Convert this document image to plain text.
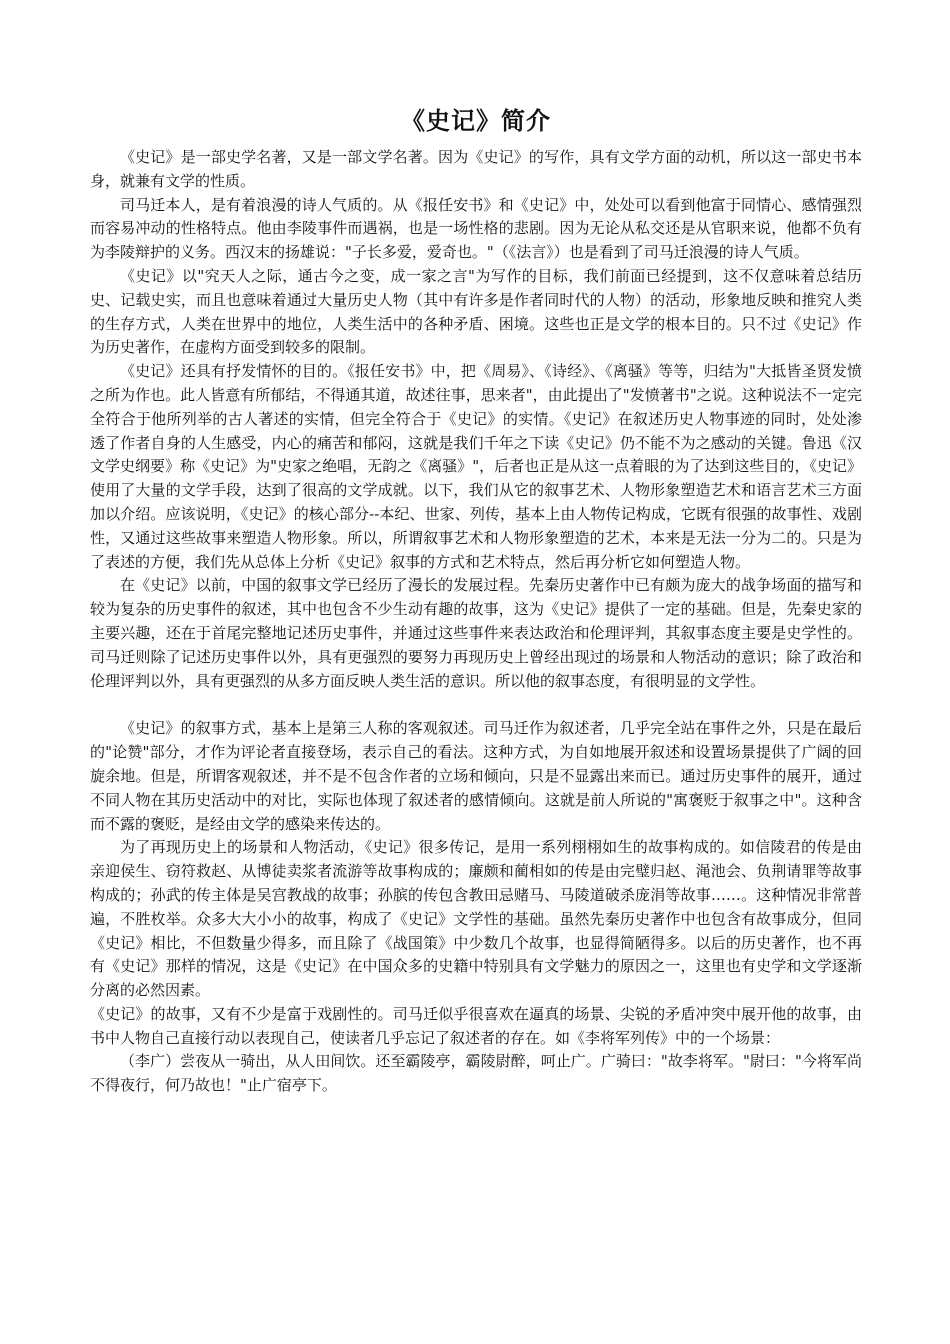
《史记》简介

《史记》是一部史学名著，又是一部文学名著。因为《史记》的写作，具有文学方面的动机，所以这一部史书本身，就兼有文学的性质。

司马迁本人，是有着浪漫的诗人气质的。从《报任安书》和《史记》中，处处可以看到他富于同情心、感情强烈而容易冲动的性格特点。他由李陵事件而遇祸，也是一场性格的悲剧。因为无论从私交还是从官职来说，他都不负有为李陵辩护的义务。西汉末的扬雄说："子长多爱，爱奇也。"（《法言》）也是看到了司马迁浪漫的诗人气质。

《史记》以"究天人之际，通古今之变，成一家之言"为写作的目标，我们前面已经提到，这不仅意味着总结历史、记载史实，而且也意味着通过大量历史人物（其中有许多是作者同时代的人物）的活动，形象地反映和推究人类的生存方式，人类在世界中的地位，人类生活中的各种矛盾、困境。这些也正是文学的根本目的。只不过《史记》作为历史著作，在虚构方面受到较多的限制。

《史记》还具有抒发情怀的目的。《报任安书》中，把《周易》、《诗经》、《离骚》等等，归结为"大抵皆圣贤发愤之所为作也。此人皆意有所郁结，不得通其道，故述往事，思来者"，由此提出了"发愤著书"之说。这种说法不一定完全符合于他所列举的古人著述的实情，但完全符合于《史记》的实情。《史记》在叙述历史人物事迹的同时，处处渗透了作者自身的人生感受，内心的痛苦和郁闷，这就是我们千年之下读《史记》仍不能不为之感动的关键。鲁迅《汉文学史纲要》称《史记》为"史家之绝唱，无韵之《离骚》"，后者也正是从这一点着眼的为了达到这些目的，《史记》使用了大量的文学手段，达到了很高的文学成就。以下，我们从它的叙事艺术、人物形象塑造艺术和语言艺术三方面加以介绍。应该说明，《史记》的核心部分--本纪、世家、列传，基本上由人物传记构成，它既有很强的故事性、戏剧性，又通过这些故事来塑造人物形象。所以，所谓叙事艺术和人物形象塑造的艺术，本来是无法一分为二的。只是为了表述的方便，我们先从总体上分析《史记》叙事的方式和艺术特点，然后再分析它如何塑造人物。

在《史记》以前，中国的叙事文学已经历了漫长的发展过程。先秦历史著作中已有颇为庞大的战争场面的描写和较为复杂的历史事件的叙述，其中也包含不少生动有趣的故事，这为《史记》提供了一定的基础。但是，先秦史家的主要兴趣，还在于首尾完整地记述历史事件，并通过这些事件来表达政治和伦理评判，其叙事态度主要是史学性的。司马迁则除了记述历史事件以外，具有更强烈的要努力再现历史上曾经出现过的场景和人物活动的意识；除了政治和伦理评判以外，具有更强烈的从多方面反映人类生活的意识。所以他的叙事态度，有很明显的文学性。

《史记》的叙事方式，基本上是第三人称的客观叙述。司马迁作为叙述者，几乎完全站在事件之外，只是在最后的"论赞"部分，才作为评论者直接登场，表示自己的看法。这种方式，为自如地展开叙述和设置场景提供了广阔的回旋余地。但是，所谓客观叙述，并不是不包含作者的立场和倾向，只是不显露出来而已。通过历史事件的展开，通过不同人物在其历史活动中的对比，实际也体现了叙述者的感情倾向。这就是前人所说的"寓褒贬于叙事之中"。这种含而不露的褒贬，是经由文学的感染来传达的。

为了再现历史上的场景和人物活动，《史记》很多传记，是用一系列栩栩如生的故事构成的。如信陵君的传是由亲迎侯生、窃符救赵、从博徒卖浆者流游等故事构成的；廉颇和蔺相如的传是由完璧归赵、渑池会、负荆请罪等故事构成的；孙武的传主体是吴宫教战的故事；孙膑的传包含教田忌赌马、马陵道破杀庞涓等故事……。这种情况非常普遍，不胜枚举。众多大大小小的故事，构成了《史记》文学性的基础。虽然先秦历史著作中也包含有故事成分，但同《史记》相比，不但数量少得多，而且除了《战国策》中少数几个故事，也显得简陋得多。以后的历史著作，也不再有《史记》那样的情况，这是《史记》在中国众多的史籍中特别具有文学魅力的原因之一，这里也有史学和文学逐渐分离的必然因素。

《史记》的故事，又有不少是富于戏剧性的。司马迁似乎很喜欢在逼真的场景、尖锐的矛盾冲突中展开他的故事，由书中人物自己直接行动以表现自己，使读者几乎忘记了叙述者的存在。如《李将军列传》中的一个场景：

（李广）尝夜从一骑出，从人田间饮。还至霸陵亭，霸陵尉醉，呵止广。广骑曰："故李将军。"尉曰："今将军尚不得夜行，何乃故也！"止广宿亭下。
